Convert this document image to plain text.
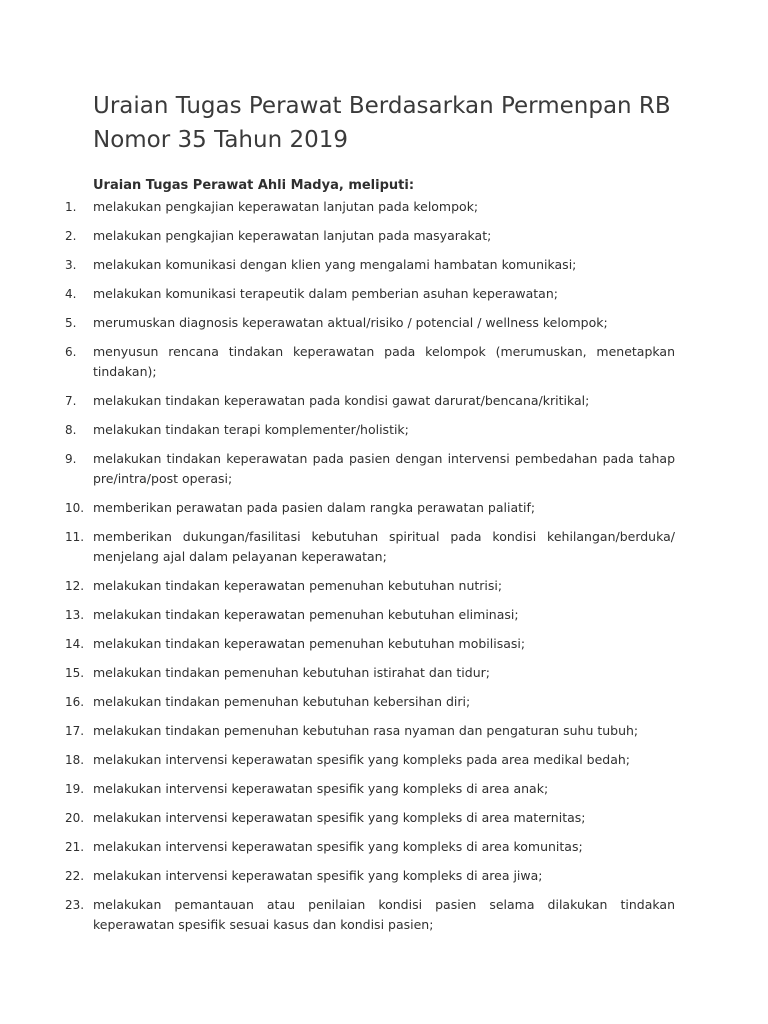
Uraian Tugas Perawat Berdasarkan Permenpan RB Nomor 35 Tahun 2019
Uraian Tugas Perawat Ahli Madya, meliputi:
1.	melakukan pengkajian keperawatan lanjutan pada kelompok;
2.	melakukan pengkajian keperawatan lanjutan pada masyarakat;
3.	melakukan komunikasi dengan klien yang mengalami hambatan komunikasi;
4.	melakukan komunikasi terapeutik dalam pemberian asuhan keperawatan;
5.	merumuskan diagnosis keperawatan aktual/risiko / potencial / wellness kelompok;
6.	menyusun rencana tindakan keperawatan pada kelompok (merumuskan, menetapkan tindakan);
7.	melakukan tindakan keperawatan pada kondisi gawat darurat/bencana/kritikal;
8.	melakukan tindakan terapi komplementer/holistik;
9.	melakukan tindakan keperawatan pada pasien dengan intervensi pembedahan pada tahap pre/intra/post operasi;
10. memberikan perawatan pada pasien dalam rangka perawatan paliatif;
11. memberikan dukungan/fasilitasi kebutuhan spiritual pada kondisi kehilangan/berduka/ menjelang ajal dalam pelayanan keperawatan;
12. melakukan tindakan keperawatan pemenuhan kebutuhan nutrisi;
13. melakukan tindakan keperawatan pemenuhan kebutuhan eliminasi;
14. melakukan tindakan keperawatan pemenuhan kebutuhan mobilisasi;
15. melakukan tindakan pemenuhan kebutuhan istirahat dan tidur;
16. melakukan tindakan pemenuhan kebutuhan kebersihan diri;
17. melakukan tindakan pemenuhan kebutuhan rasa nyaman dan pengaturan suhu tubuh;
18. melakukan intervensi keperawatan spesifik yang kompleks pada area medikal bedah;
19. melakukan intervensi keperawatan spesifik yang kompleks di area anak;
20. melakukan intervensi keperawatan spesifik yang kompleks di area maternitas;
21. melakukan intervensi keperawatan spesifik yang kompleks di area komunitas;
22. melakukan intervensi keperawatan spesifik yang kompleks di area jiwa;
23. melakukan pemantauan atau penilaian kondisi pasien selama dilakukan tindakan keperawatan spesifik sesuai kasus dan kondisi pasien;
